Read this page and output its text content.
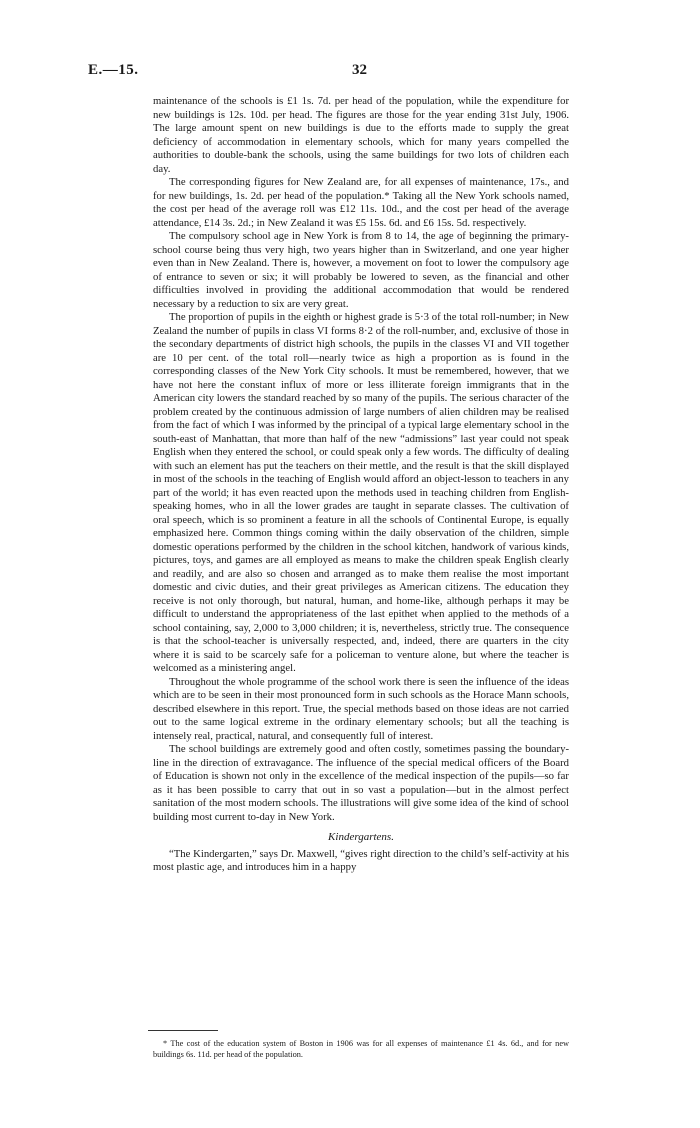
E.—15.	32

maintenance of the schools is £1 1s. 7d. per head of the population, while the expenditure for new buildings is 12s. 10d. per head. The figures are those for the year ending 31st July, 1906. The large amount spent on new buildings is due to the efforts made to supply the great deficiency of accommodation in elementary schools, which for many years compelled the authorities to double-bank the schools, using the same buildings for two lots of children each day.

The corresponding figures for New Zealand are, for all expenses of maintenance, 17s., and for new buildings, 1s. 2d. per head of the population.* Taking all the New York schools named, the cost per head of the average roll was £12 11s. 10d., and the cost per head of the average attendance, £14 3s. 2d.; in New Zealand it was £5 15s. 6d. and £6 15s. 5d. respectively.

The compulsory school age in New York is from 8 to 14, the age of beginning the primary-school course being thus very high, two years higher than in Switzerland, and one year higher even than in New Zealand. There is, however, a movement on foot to lower the compulsory age of entrance to seven or six; it will probably be lowered to seven, as the financial and other difficulties involved in providing the additional accommodation that would be rendered necessary by a reduction to six are very great.

The proportion of pupils in the eighth or highest grade is 5·3 of the total roll-number; in New Zealand the number of pupils in class VI forms 8·2 of the roll-number, and, exclusive of those in the secondary departments of district high schools, the pupils in the classes VI and VII together are 10 per cent. of the total roll—nearly twice as high a proportion as is found in the corresponding classes of the New York City schools. It must be remembered, however, that we have not here the constant influx of more or less illiterate foreign immigrants that in the American city lowers the standard reached by so many of the pupils. The serious character of the problem created by the continuous admission of large numbers of alien children may be realised from the fact of which I was informed by the principal of a typical large elementary school in the south-east of Manhattan, that more than half of the new “admissions” last year could not speak English when they entered the school, or could speak only a few words. The difficulty of dealing with such an element has put the teachers on their mettle, and the result is that the skill displayed in most of the schools in the teaching of English would afford an object-lesson to teachers in any part of the world; it has even reacted upon the methods used in teaching children from English-speaking homes, who in all the lower grades are taught in separate classes. The cultivation of oral speech, which is so prominent a feature in all the schools of Continental Europe, is equally emphasized here. Common things coming within the daily observation of the children, simple domestic operations performed by the children in the school kitchen, handwork of various kinds, pictures, toys, and games are all employed as means to make the children speak English clearly and readily, and are also so chosen and arranged as to make them realise the most important domestic and civic duties, and their great privileges as American citizens. The education they receive is not only thorough, but natural, human, and home-like, although perhaps it may be difficult to understand the appropriateness of the last epithet when applied to the methods of a school containing, say, 2,000 to 3,000 children; it is, nevertheless, strictly true. The consequence is that the school-teacher is universally respected, and, indeed, there are quarters in the city where it is said to be scarcely safe for a policeman to venture alone, but where the teacher is welcomed as a ministering angel.

Throughout the whole programme of the school work there is seen the influence of the ideas which are to be seen in their most pronounced form in such schools as the Horace Mann schools, described elsewhere in this report. True, the special methods based on those ideas are not carried out to the same logical extreme in the ordinary elementary schools; but all the teaching is intensely real, practical, natural, and consequently full of interest.

The school buildings are extremely good and often costly, sometimes passing the boundary-line in the direction of extravagance. The influence of the special medical officers of the Board of Education is shown not only in the excellence of the medical inspection of the pupils—so far as it has been possible to carry that out in so vast a population—but in the almost perfect sanitation of the most modern schools. The illustrations will give some idea of the kind of school building most current to-day in New York.

Kindergartens.

“The Kindergarten,” says Dr. Maxwell, “gives right direction to the child’s self-activity at his most plastic age, and introduces him in a happy

* The cost of the education system of Boston in 1906 was for all expenses of maintenance £1 4s. 6d., and for new buildings 6s. 11d. per head of the population.
